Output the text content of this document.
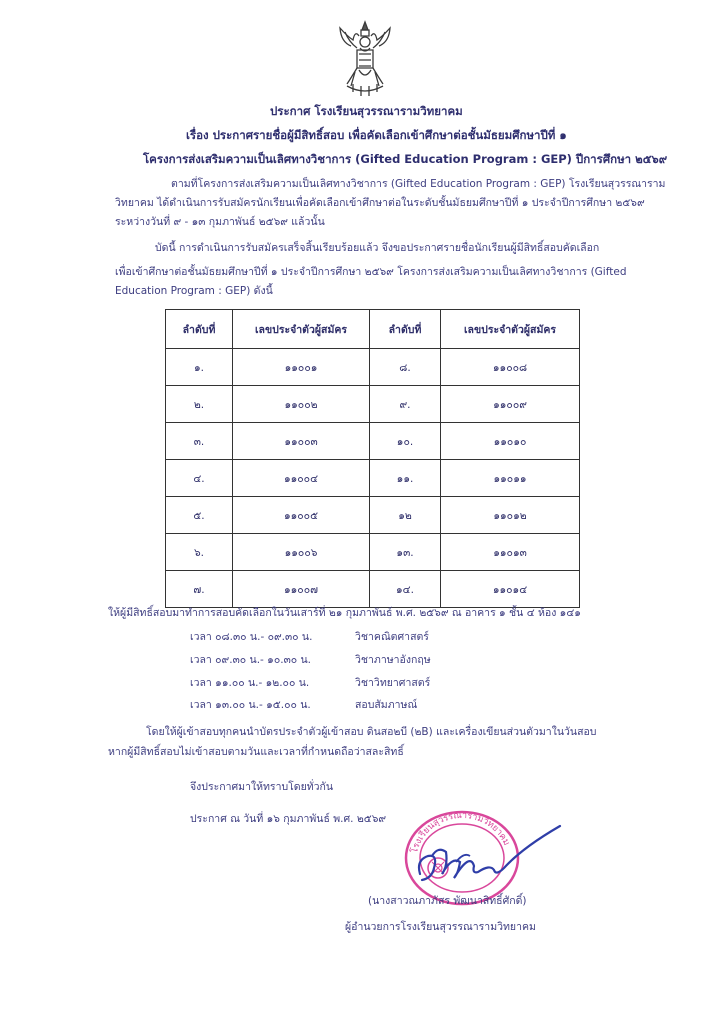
ประกาศ โรงเรียนสุวรรณารามวิทยาคม
เรื่อง ประกาศรายชื่อผู้มีสิทธิ์สอบ เพื่อคัดเลือกเข้าศึกษาต่อชั้นมัธยมศึกษาปีที่ ๑
โครงการส่งเสริมความเป็นเลิศทางวิชาการ (Gifted Education Program : GEP) ปีการศึกษา ๒๕๖๙
ตามที่โครงการส่งเสริมความเป็นเลิศทางวิชาการ (Gifted Education Program : GEP) โรงเรียนสุวรรณาราม
วิทยาคม ได้ดำเนินการรับสมัครนักเรียนเพื่อคัดเลือกเข้าศึกษาต่อในระดับชั้นมัธยมศึกษาปีที่ ๑ ประจำปีการศึกษา ๒๕๖๙
ระหว่างวันที่ ๙ - ๑๓ กุมภาพันธ์ ๒๕๖๙ แล้วนั้น
บัดนี้ การดำเนินการรับสมัครเสร็จสิ้นเรียบร้อยแล้ว จึงขอประกาศรายชื่อนักเรียนผู้มีสิทธิ์สอบคัดเลือก
เพื่อเข้าศึกษาต่อชั้นมัธยมศึกษาปีที่ ๑ ประจำปีการศึกษา ๒๕๖๙ โครงการส่งเสริมความเป็นเลิศทางวิชาการ (Gifted
Education Program : GEP) ดังนี้
ลำดับที่	เลขประจำตัวผู้สมัคร	ลำดับที่	เลขประจำตัวผู้สมัคร
๑.	๑๑๐๐๑	๘.	๑๑๐๐๘
๒.	๑๑๐๐๒	๙.	๑๑๐๐๙
๓.	๑๑๐๐๓	๑๐.	๑๑๐๑๐
๔.	๑๑๐๐๔	๑๑.	๑๑๐๑๑
๕.	๑๑๐๐๕	๑๒	๑๑๐๑๒
๖.	๑๑๐๐๖	๑๓.	๑๑๐๑๓
๗.	๑๑๐๐๗	๑๔.	๑๑๐๑๔
ให้ผู้มีสิทธิ์สอบมาทำการสอบคัดเลือกในวันเสาร์ที่ ๒๑ กุมภาพันธ์ พ.ศ. ๒๕๖๙ ณ อาคาร ๑ ชั้น ๔ ห้อง ๑๔๑
เวลา ๐๘.๓๐ น.- ๐๙.๓๐ น.	วิชาคณิตศาสตร์
เวลา ๐๙.๓๐ น.- ๑๐.๓๐ น.	วิชาภาษาอังกฤษ
เวลา ๑๑.๐๐ น.- ๑๒.๐๐ น.	วิชาวิทยาศาสตร์
เวลา ๑๓.๐๐ น.- ๑๕.๐๐ น.	สอบสัมภาษณ์
โดยให้ผู้เข้าสอบทุกคนนำบัตรประจำตัวผู้เข้าสอบ ดินสอ๒บี (๒B) และเครื่องเขียนส่วนตัวมาในวันสอบ
หากผู้มีสิทธิ์สอบไม่เข้าสอบตามวันและเวลาที่กำหนดถือว่าสละสิทธิ์
จึงประกาศมาให้ทราบโดยทั่วกัน
ประกาศ ณ วันที่ ๑๖ กุมภาพันธ์ พ.ศ. ๒๕๖๙
โรงเรียนสุวรรณารามวิทยาคม
(นางสาวณภาภัสร พัฒนาสิทธิ์ศักดิ์)
ผู้อำนวยการโรงเรียนสุวรรณารามวิทยาคม
